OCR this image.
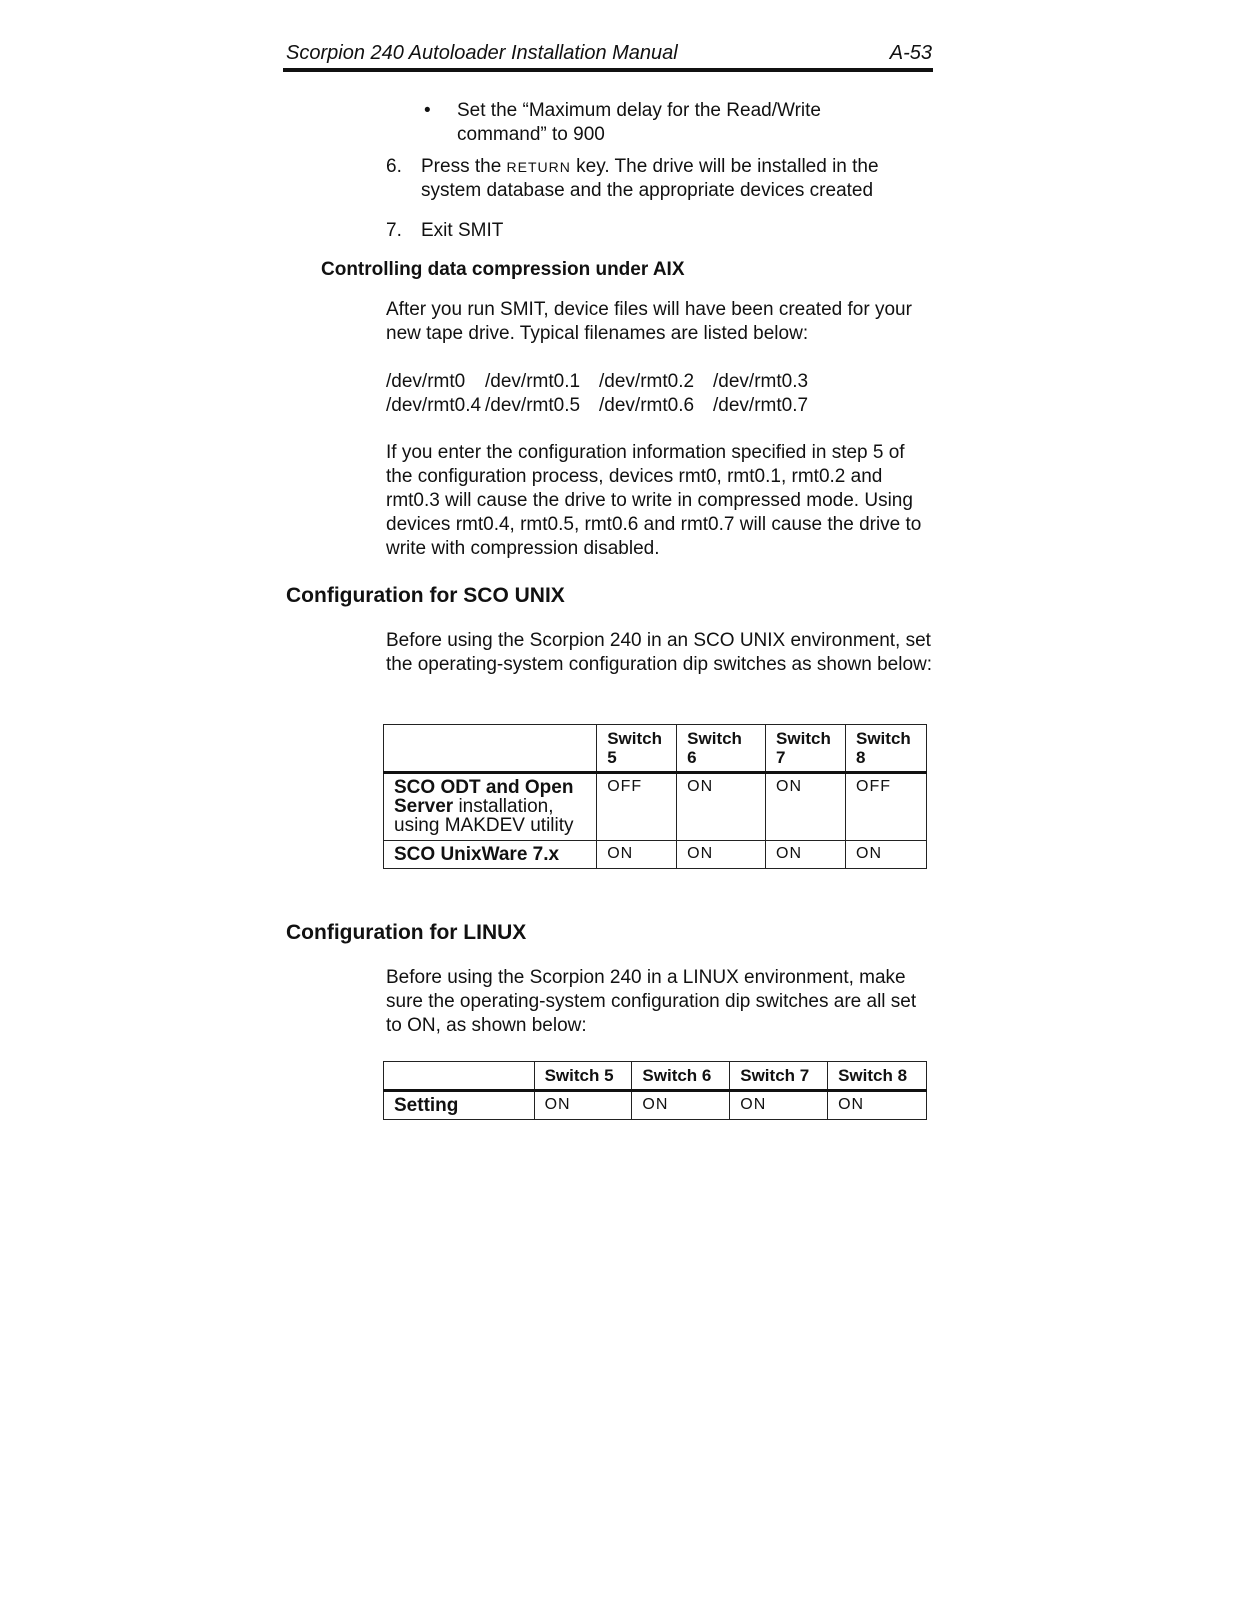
Scorpion 240 Autoloader Installation Manual	A-53
•	Set the “Maximum delay for the Read/Write command” to 900
6.	Press the RETURN key. The drive will be installed in the system database and the appropriate devices created
7.	Exit SMIT
Controlling data compression under AIX
After you run SMIT, device files will have been created for your new tape drive. Typical filenames are listed below:
/dev/rmt0	/dev/rmt0.1 /dev/rmt0.2 /dev/rmt0.3
/dev/rmt0.4 /dev/rmt0.5 /dev/rmt0.6 /dev/rmt0.7
If you enter the configuration information specified in step 5 of the configuration process, devices rmt0, rmt0.1, rmt0.2 and rmt0.3 will cause the drive to write in compressed mode. Using devices rmt0.4, rmt0.5, rmt0.6 and rmt0.7 will cause the drive to write with compression disabled.
Configuration for SCO UNIX
Before using the Scorpion 240 in an SCO UNIX environment, set the operating-system configuration dip switches as shown below:
	Switch 5	Switch 6	Switch 7	Switch 8
SCO ODT and Open Server installation, using MAKDEV utility	OFF	ON	ON	OFF
SCO UnixWare 7.x	ON	ON	ON	ON
Configuration for LINUX
Before using the Scorpion 240 in a LINUX environment, make sure the operating-system configuration dip switches are all set to ON, as shown below:
	Switch 5	Switch 6	Switch 7	Switch 8
Setting	ON	ON	ON	ON
